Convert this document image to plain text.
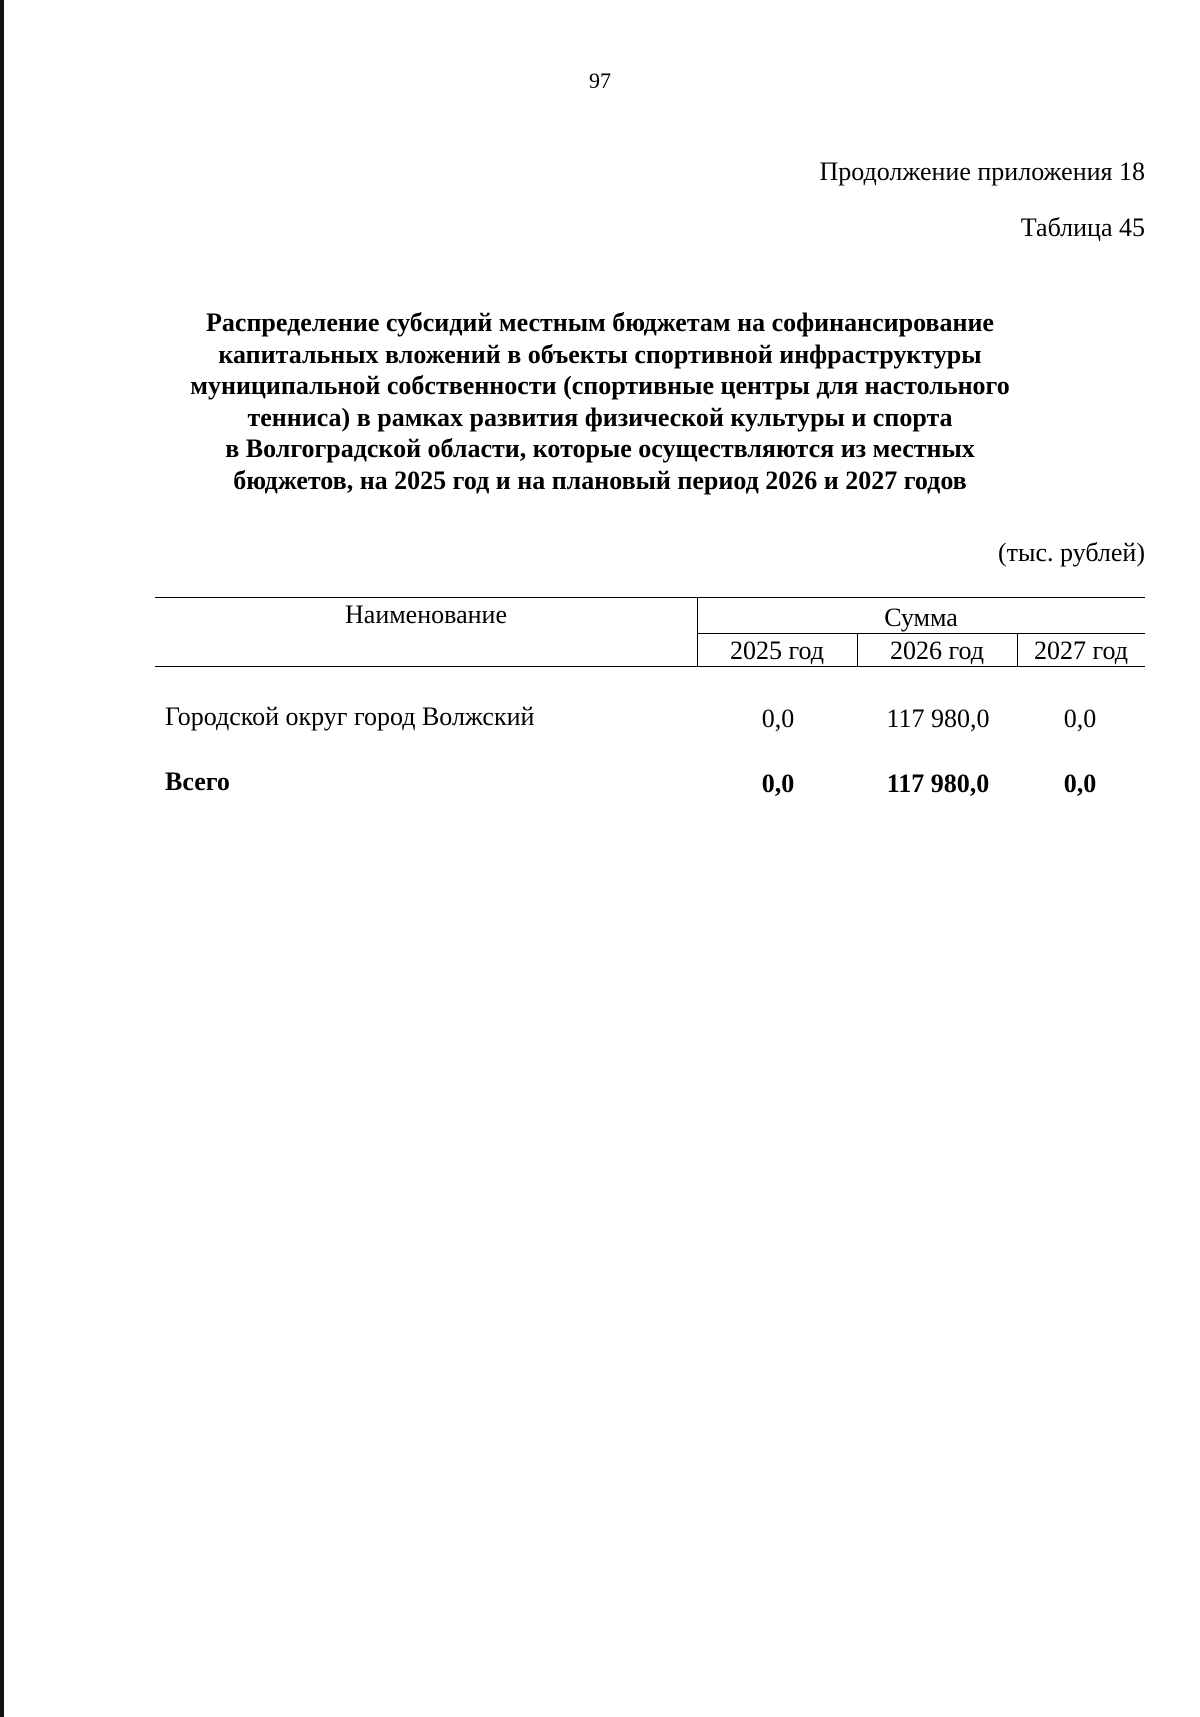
97
Продолжение приложения 18
Таблица 45
Распределение субсидий местным бюджетам на софинансирование
капитальных вложений в объекты спортивной инфраструктуры
муниципальной собственности (спортивные центры для настольного
тенниса) в рамках развития физической культуры и спорта
в Волгоградской области, которые осуществляются из местных
бюджетов, на 2025 год и на плановый период 2026 и 2027 годов
(тыс. рублей)
Наименование	Сумма
2025 год	2026 год	2027 год
Городской округ город Волжский	0,0	117 980,0	0,0
Всего	0,0	117 980,0	0,0
